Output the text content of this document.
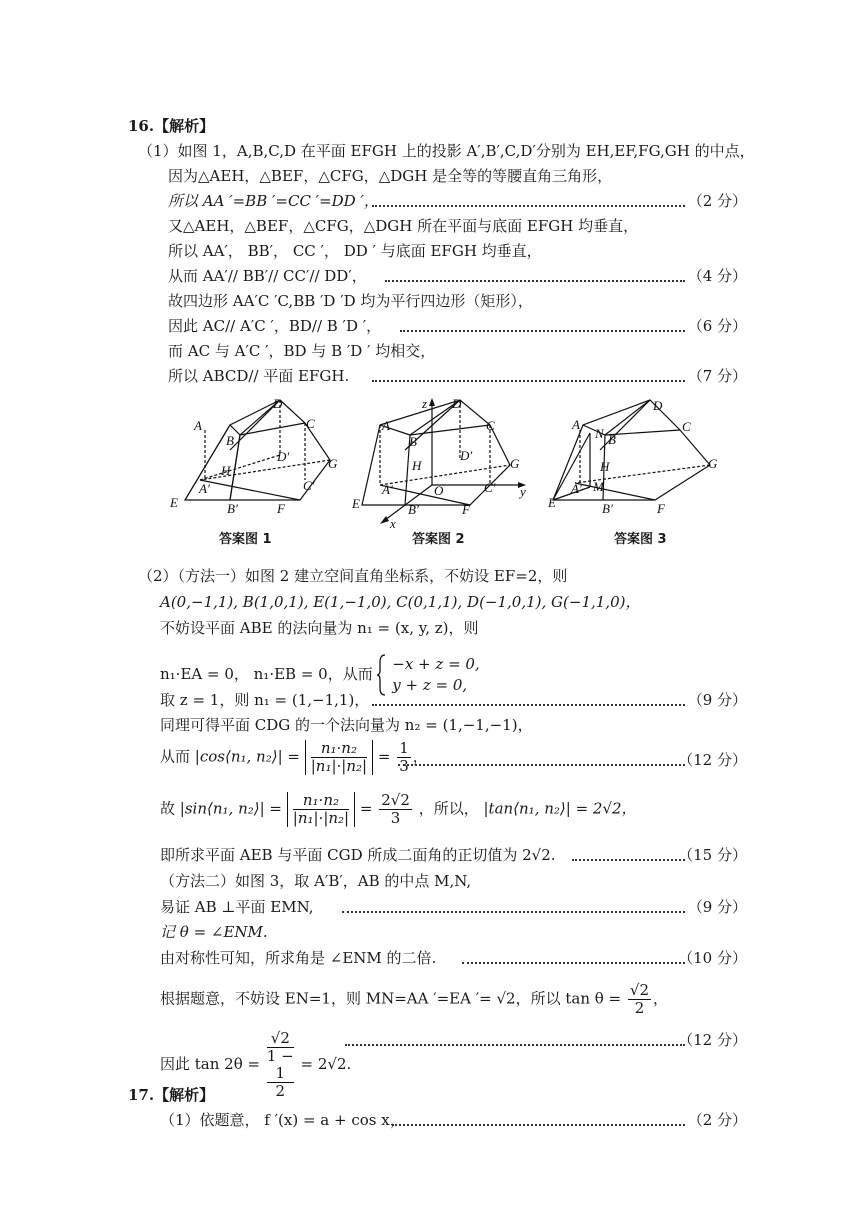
16.【解析】
（1）如图 1，A,B,C,D 在平面 EFGH 上的投影 A′,B′,C,D′分别为 EH,EF,FG,GH 的中点，
因为△AEH，△BEF，△CFG，△DGH 是全等的等腰直角三角形，
所以 AA ′=BB ′=CC ′=DD ′，	（2 分）
又△AEH，△BEF，△CFG，△DGH 所在平面与底面 EFGH 均垂直，
所以 AA′， BB′， CC ′， DD ′ 与底面 EFGH 均垂直，
从而 AA′// BB′// CC′// DD′，	（4 分）
故四边形 AA′C ′C,BB ′D ′D 均为平行四边形（矩形），
因此 AC// A′C ′，BD// B ′D ′，	（6 分）
而 AC 与 A′C ′，BD 与 B ′D ′ 均相交，
所以 ABCD// 平面 EFGH.	（7 分）
A
B
D
C
H
D′	G
A′	C′
E	B′	F
答案图 1
z
A
B
D
C
H
D′
G
A′	O	C′ y
E	B′	F
x
答案图 2
A
N B
D
C
H	G
A′ M
E	B′	F
答案图 3
（2）（方法一）如图 2 建立空间直角坐标系，不妨设 EF=2，则
A(0,−1,1), B(1,0,1), E(1,−1,0), C(0,1,1), D(−1,0,1), G(−1,1,0)，
不妨设平面 ABE 的法向量为 n₁ = (x, y, z)，则
n₁·EA = 0， n₁·EB = 0，从而
−x + z = 0,
y + z = 0,
取 z = 1，则 n₁ = (1,−1,1)，	（9 分）
同理可得平面 CDG 的一个法向量为 n₂ = (1,−1,−1)，
从而 |cos⟨n₁, n₂⟩| = $\frac{\text{n₁·n₂}}{\text{|n₁|·|n₂|}} = \frac{1}{3}$ ，	（12 分）
故 |sin⟨n₁, n₂⟩| = $\frac{\text{n₁·n₂}}{\text{|n₁|·|n₂|}} = \frac{2√2}{3}$ ，所以， |tan⟨n₁, n₂⟩| = 2√2，
即所求平面 AEB 与平面 CGD 所成二面角的正切值为 2√2.	（15 分）
（方法二）如图 3，取 A′B′，AB 的中点 M,N,
易证 AB ⊥平面 EMN,	（9 分）
记 θ = ∠ENM.
由对称性可知，所求角是 ∠ENM 的二倍.	（10 分）
根据题意，不妨设 EN=1，则 MN=AA ′=EA ′= √2，所以 $\tan \theta = \frac{√2}{2}$ ，
因此 tan 2θ = √2
1 −
1
2 = 2√2.
（12 分）
17.【解析】
（1）依题意， f ′(x) = a + cos x，	（2 分）
